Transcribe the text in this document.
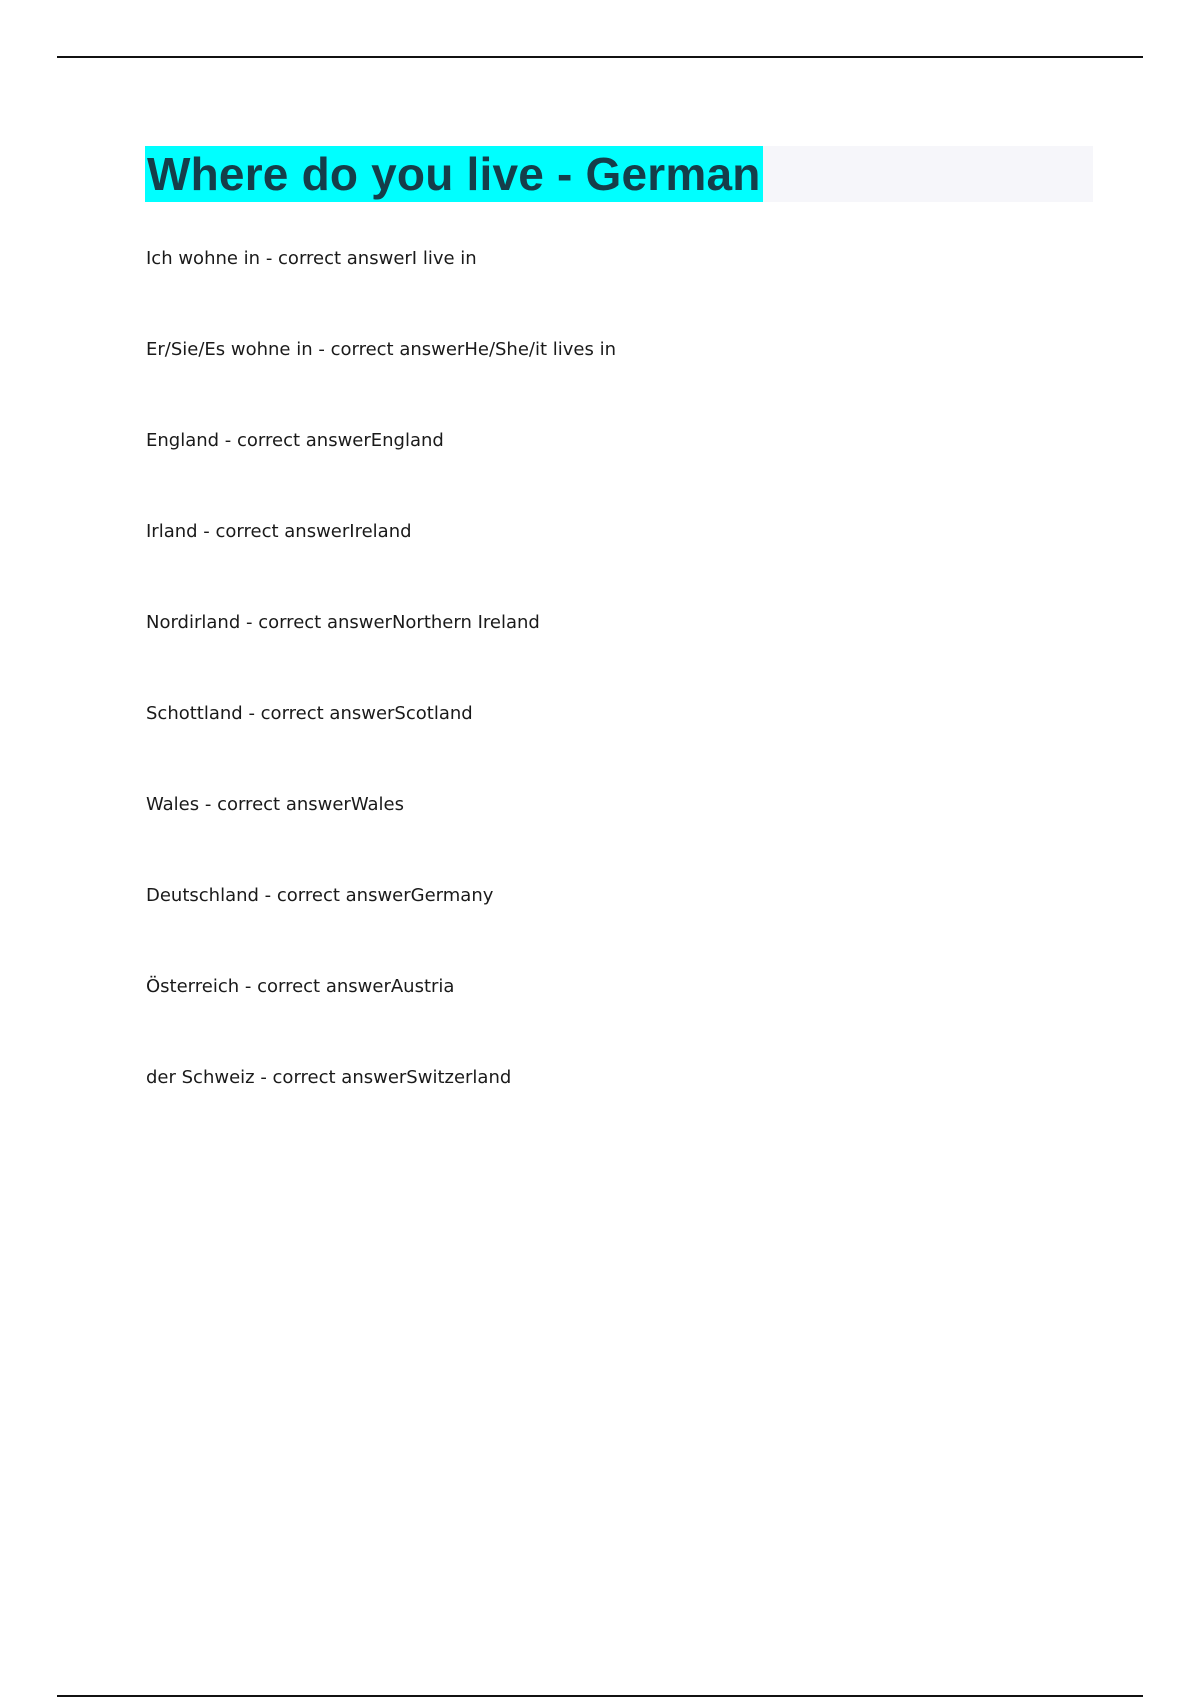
Where do you live - German
Ich wohne in - correct answerI live in
Er/Sie/Es wohne in - correct answerHe/She/it lives in
England - correct answerEngland
Irland - correct answerIreland
Nordirland - correct answerNorthern Ireland
Schottland - correct answerScotland
Wales - correct answerWales
Deutschland - correct answerGermany
Österreich - correct answerAustria
der Schweiz - correct answerSwitzerland
